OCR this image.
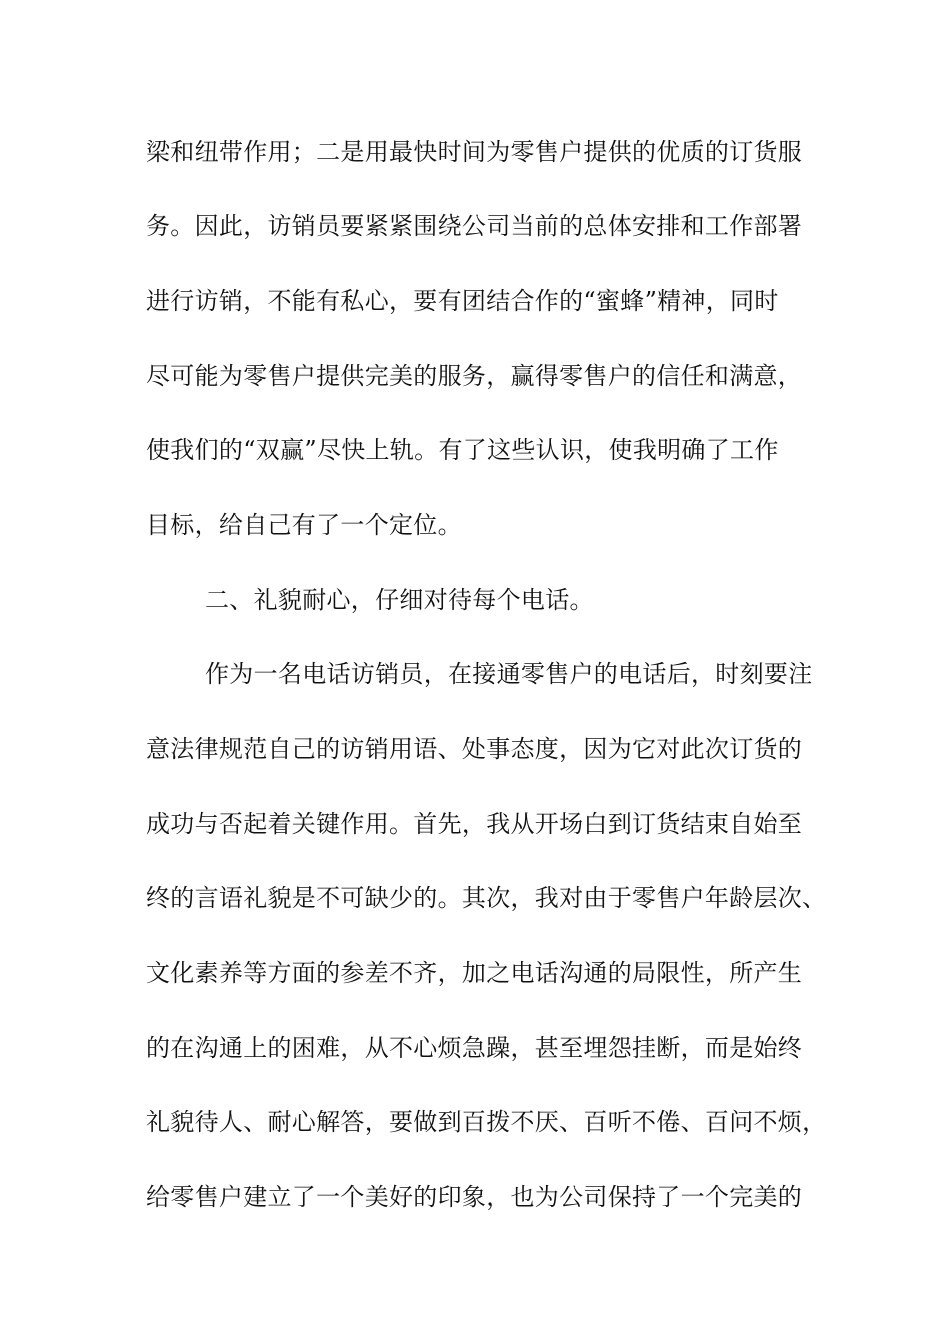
梁和纽带作用；二是用最快时间为零售户提供的优质的订货服
务。因此，访销员要紧紧围绕公司当前的总体安排和工作部署
进行访销，不能有私心，要有团结合作的“蜜蜂”精神，同时
尽可能为零售户提供完美的服务，赢得零售户的信任和满意，
使我们的“双赢”尽快上轨。有了这些认识，使我明确了工作
目标，给自己有了一个定位。
二、礼貌耐心，仔细对待每个电话。
作为一名电话访销员，在接通零售户的电话后，时刻要注
意法律规范自己的访销用语、处事态度，因为它对此次订货的
成功与否起着关键作用。首先，我从开场白到订货结束自始至
终的言语礼貌是不可缺少的。其次，我对由于零售户年龄层次、
文化素养等方面的参差不齐，加之电话沟通的局限性，所产生
的在沟通上的困难，从不心烦急躁，甚至埋怨挂断，而是始终
礼貌待人、耐心解答，要做到百拨不厌、百听不倦、百问不烦，
给零售户建立了一个美好的印象，也为公司保持了一个完美的
